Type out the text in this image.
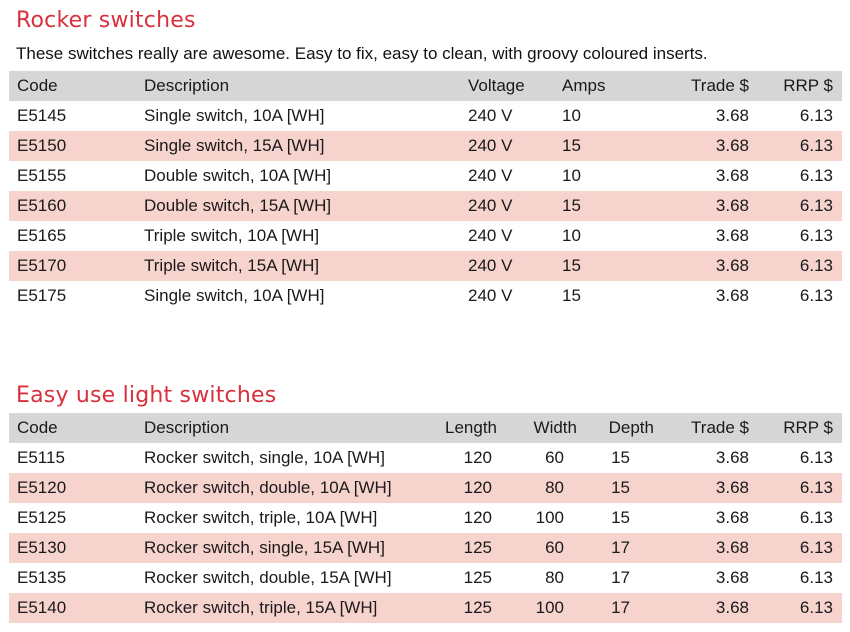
Rocker switches

These switches really are awesome. Easy to fix, easy to clean, with groovy coloured inserts.

Code	Description	Voltage	Amps	Trade $	RRP $
E5145	Single switch, 10A [WH]	240 V	10	3.68	6.13
E5150	Single switch, 15A [WH]	240 V	15	3.68	6.13
E5155	Double switch, 10A [WH]	240 V	10	3.68	6.13
E5160	Double switch, 15A [WH]	240 V	15	3.68	6.13
E5165	Triple switch, 10A [WH]	240 V	10	3.68	6.13
E5170	Triple switch, 15A [WH]	240 V	15	3.68	6.13
E5175	Single switch, 10A [WH]	240 V	15	3.68	6.13
Easy use light switches
Code	Description	Length	Width	Depth	Trade $	RRP $
E5115	Rocker switch, single, 10A [WH]	120	60	15	3.68	6.13
E5120	Rocker switch, double, 10A [WH]	120	80	15	3.68	6.13
E5125	Rocker switch, triple, 10A [WH]	120	100	15	3.68	6.13
E5130	Rocker switch, single, 15A [WH]	125	60	17	3.68	6.13
E5135	Rocker switch, double, 15A [WH]	125	80	17	3.68	6.13
E5140	Rocker switch, triple, 15A [WH]	125	100	17	3.68	6.13
